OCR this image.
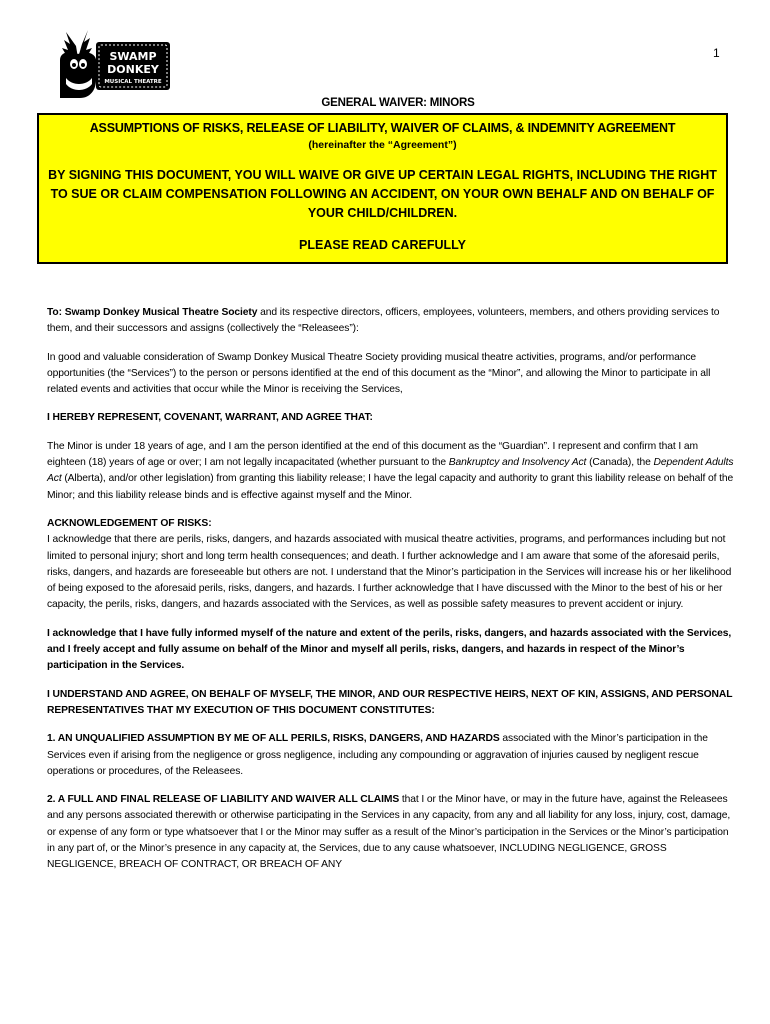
1
SWAMP
DONKEY
MUSICAL THEATRE
GENERAL WAIVER: MINORS
ASSUMPTIONS OF RISKS, RELEASE OF LIABILITY, WAIVER OF CLAIMS, & INDEMNITY AGREEMENT
(hereinafter the “Agreement”)
BY SIGNING THIS DOCUMENT, YOU WILL WAIVE OR GIVE UP CERTAIN LEGAL RIGHTS, INCLUDING THE RIGHT TO SUE OR CLAIM COMPENSATION FOLLOWING AN ACCIDENT, ON YOUR OWN BEHALF AND ON BEHALF OF YOUR CHILD/CHILDREN.
PLEASE READ CAREFULLY

To: Swamp Donkey Musical Theatre Society and its respective directors, officers, employees, volunteers, members, and others providing services to them, and their successors and assigns (collectively the “Releasees”):

In good and valuable consideration of Swamp Donkey Musical Theatre Society providing musical theatre activities, programs, and/or performance opportunities (the “Services”) to the person or persons identified at the end of this document as the “Minor”, and allowing the Minor to participate in all related events and activities that occur while the Minor is receiving the Services,

I HEREBY REPRESENT, COVENANT, WARRANT, AND AGREE THAT:

The Minor is under 18 years of age, and I am the person identified at the end of this document as the “Guardian”. I represent and confirm that I am eighteen (18) years of age or over; I am not legally incapacitated (whether pursuant to the Bankruptcy and Insolvency Act (Canada), the Dependent Adults Act (Alberta), and/or other legislation) from granting this liability release; I have the legal capacity and authority to grant this liability release on behalf of the Minor; and this liability release binds and is effective against myself and the Minor.

ACKNOWLEDGEMENT OF RISKS:
I acknowledge that there are perils, risks, dangers, and hazards associated with musical theatre activities, programs, and performances including but not limited to personal injury; short and long term health consequences; and death. I further acknowledge and I am aware that some of the aforesaid perils, risks, dangers, and hazards are foreseeable but others are not. I understand that the Minor’s participation in the Services will increase his or her likelihood of being exposed to the aforesaid perils, risks, dangers, and hazards. I further acknowledge that I have discussed with the Minor to the best of his or her capacity, the perils, risks, dangers, and hazards associated with the Services, as well as possible safety measures to prevent accident or injury.

I acknowledge that I have fully informed myself of the nature and extent of the perils, risks, dangers, and hazards associated with the Services, and I freely accept and fully assume on behalf of the Minor and myself all perils, risks, dangers, and hazards in respect of the Minor’s participation in the Services.

I UNDERSTAND AND AGREE, ON BEHALF OF MYSELF, THE MINOR, AND OUR RESPECTIVE HEIRS, NEXT OF KIN, ASSIGNS, AND PERSONAL REPRESENTATIVES THAT MY EXECUTION OF THIS DOCUMENT CONSTITUTES:

1. AN UNQUALIFIED ASSUMPTION BY ME OF ALL PERILS, RISKS, DANGERS, AND HAZARDS associated with the Minor’s participation in the Services even if arising from the negligence or gross negligence, including any compounding or aggravation of injuries caused by negligent rescue operations or procedures, of the Releasees.

2. A FULL AND FINAL RELEASE OF LIABILITY AND WAIVER ALL CLAIMS that I or the Minor have, or may in the future have, against the Releasees and any persons associated therewith or otherwise participating in the Services in any capacity, from any and all liability for any loss, injury, cost, damage, or expense of any form or type whatsoever that I or the Minor may suffer as a result of the Minor’s participation in the Services or the Minor’s participation in any part of, or the Minor’s presence in any capacity at, the Services, due to any cause whatsoever, INCLUDING NEGLIGENCE, GROSS NEGLIGENCE, BREACH OF CONTRACT, OR BREACH OF ANY
